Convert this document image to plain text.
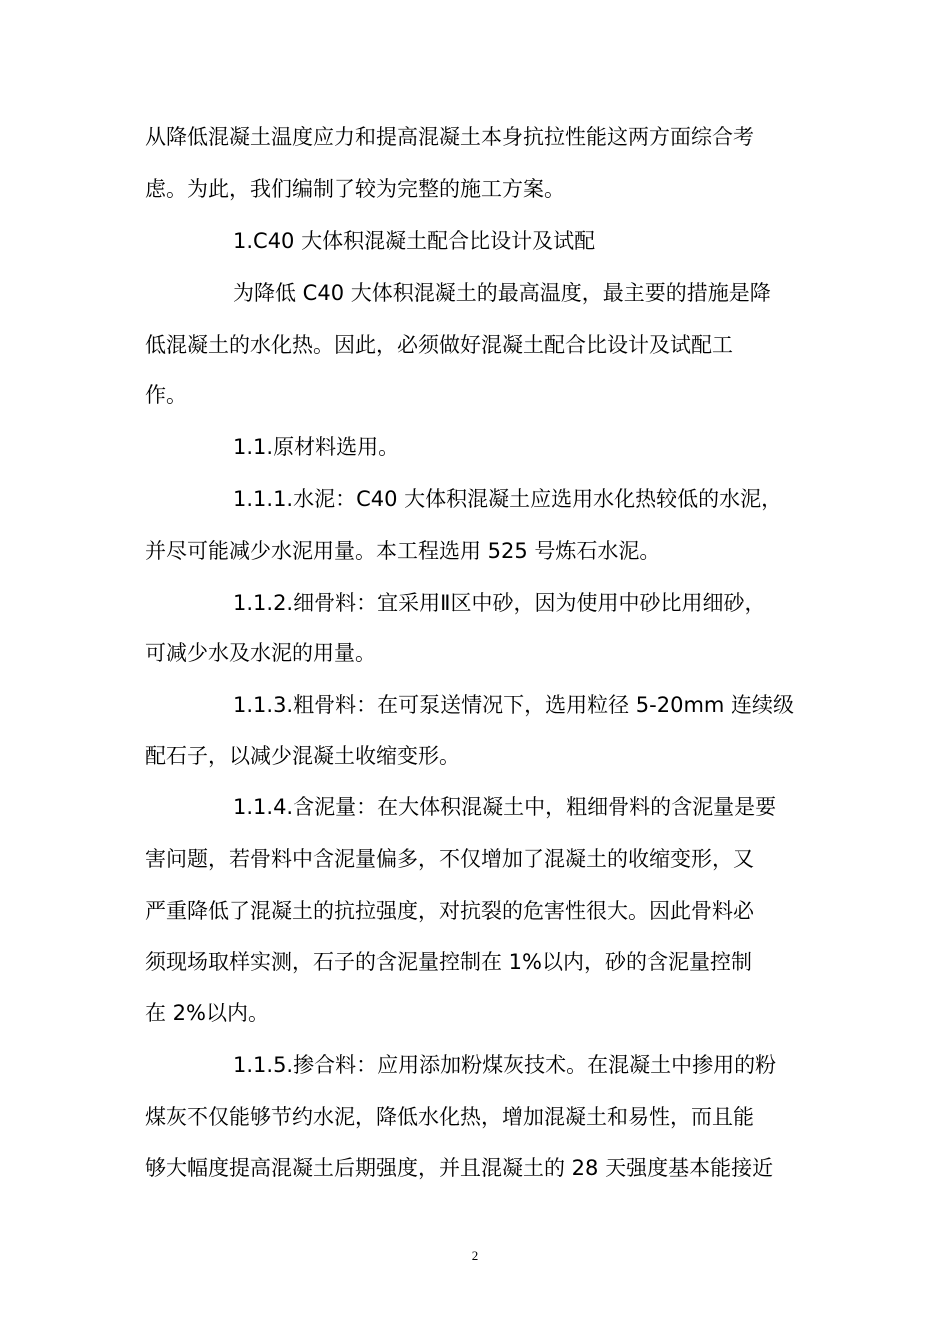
从降低混凝土温度应力和提高混凝土本身抗拉性能这两方面综合考
虑。为此，我们编制了较为完整的施工方案。
1.C40 大体积混凝土配合比设计及试配
为降低 C40 大体积混凝土的最高温度，最主要的措施是降
低混凝土的水化热。因此，必须做好混凝土配合比设计及试配工
作。
1.1.原材料选用。
1.1.1.水泥：C40 大体积混凝土应选用水化热较低的水泥，
并尽可能减少水泥用量。本工程选用 525 号炼石水泥。
1.1.2.细骨料：宜采用Ⅱ区中砂，因为使用中砂比用细砂，
可减少水及水泥的用量。
1.1.3.粗骨料：在可泵送情况下，选用粒径 5-20mm 连续级
配石子，以减少混凝土收缩变形。
1.1.4.含泥量：在大体积混凝土中，粗细骨料的含泥量是要
害问题，若骨料中含泥量偏多，不仅增加了混凝土的收缩变形，又
严重降低了混凝土的抗拉强度，对抗裂的危害性很大。因此骨料必
须现场取样实测，石子的含泥量控制在 1%以内，砂的含泥量控制
在 2%以内。
1.1.5.掺合料：应用添加粉煤灰技术。在混凝土中掺用的粉
煤灰不仅能够节约水泥，降低水化热，增加混凝土和易性，而且能
够大幅度提高混凝土后期强度，并且混凝土的 28 天强度基本能接近
2
